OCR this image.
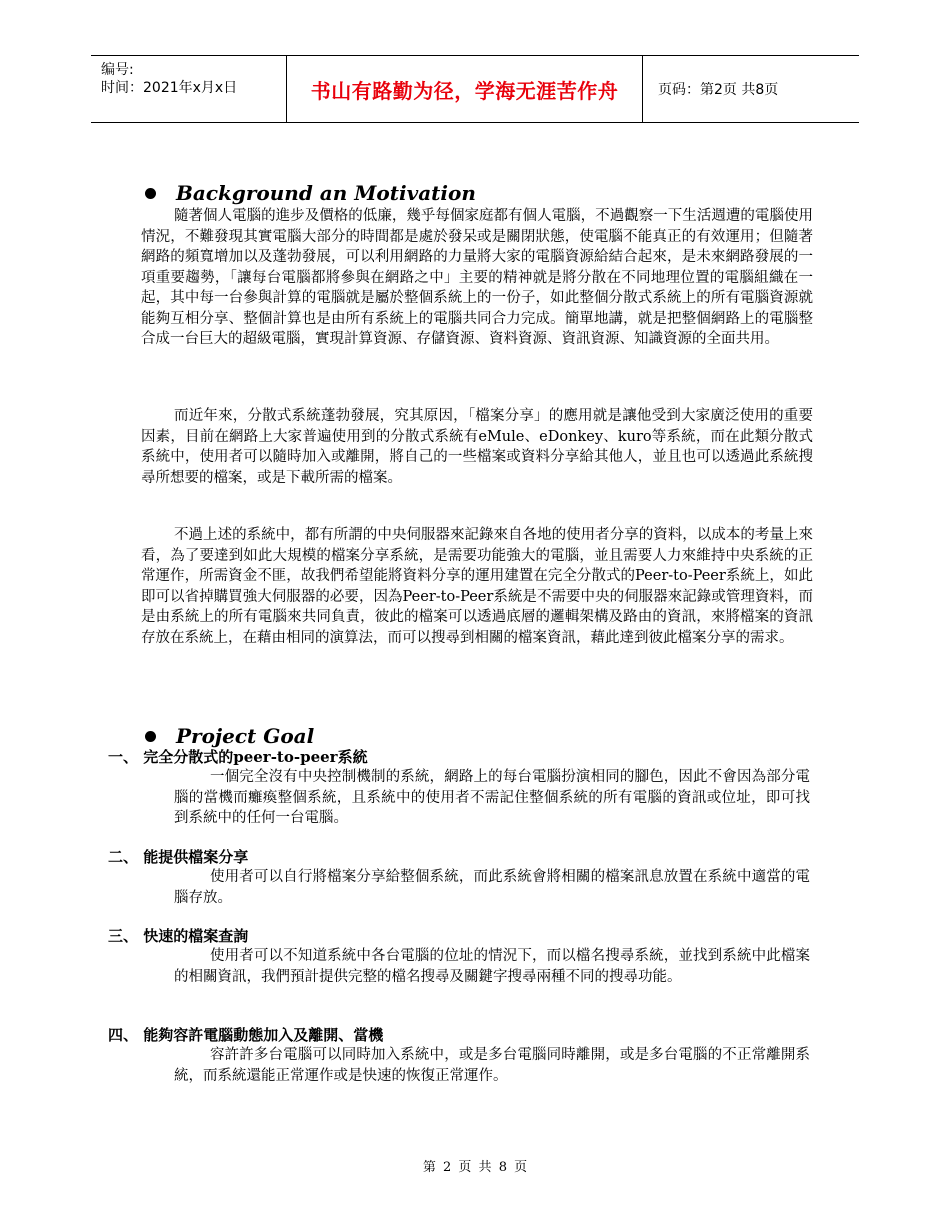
编号:
时间：2021年x月x日	书山有路勤为径，学海无涯苦作舟	页码：第2页 共8页
Background an Motivation
隨著個人電腦的進步及價格的低廉，幾乎每個家庭都有個人電腦，不過觀察一下生活週遭的電腦使用情況，不難發現其實電腦大部分的時間都是處於發呆或是關閉狀態，使電腦不能真正的有效運用；但隨著網路的頻寬增加以及蓬勃發展，可以利用網路的力量將大家的電腦資源給結合起來，是未來網路發展的一項重要趨勢，「讓每台電腦都將參與在網路之中」主要的精神就是將分散在不同地理位置的電腦組織在一起，其中每一台參與計算的電腦就是屬於整個系統上的一份子，如此整個分散式系統上的所有電腦資源就能夠互相分享、整個計算也是由所有系統上的電腦共同合力完成。簡單地講，就是把整個網路上的電腦整合成一台巨大的超級電腦，實現計算資源、存儲資源、資料資源、資訊資源、知識資源的全面共用。
而近年來，分散式系統蓬勃發展，究其原因，「檔案分享」的應用就是讓他受到大家廣泛使用的重要因素，目前在網路上大家普遍使用到的分散式系統有eMule、eDonkey、kuro等系統，而在此類分散式系統中，使用者可以隨時加入或離開，將自己的一些檔案或資料分享給其他人，並且也可以透過此系統搜尋所想要的檔案，或是下載所需的檔案。
不過上述的系統中，都有所謂的中央伺服器來記錄來自各地的使用者分享的資料，以成本的考量上來看，為了要達到如此大規模的檔案分享系統，是需要功能強大的電腦，並且需要人力來維持中央系統的正常運作，所需資金不匪，故我們希望能將資料分享的運用建置在完全分散式的Peer-to-Peer系統上，如此即可以省掉購買強大伺服器的必要，因為Peer-to-Peer系統是不需要中央的伺服器來記錄或管理資料，而是由系統上的所有電腦來共同負責，彼此的檔案可以透過底層的邏輯架構及路由的資訊，來將檔案的資訊存放在系統上，在藉由相同的演算法，而可以搜尋到相關的檔案資訊，藉此達到彼此檔案分享的需求。
Project Goal
一、 完全分散式的peer-to-peer系統
一個完全沒有中央控制機制的系統，網路上的每台電腦扮演相同的腳色，因此不會因為部分電腦的當機而癱瘓整個系統，且系統中的使用者不需記住整個系統的所有電腦的資訊或位址，即可找到系統中的任何一台電腦。
二、 能提供檔案分享
使用者可以自行將檔案分享給整個系統，而此系統會將相關的檔案訊息放置在系統中適當的電腦存放。
三、 快速的檔案查詢
使用者可以不知道系統中各台電腦的位址的情況下，而以檔名搜尋系統，並找到系統中此檔案的相關資訊，我們預計提供完整的檔名搜尋及關鍵字搜尋兩種不同的搜尋功能。
四、 能夠容許電腦動態加入及離開、當機
容許許多台電腦可以同時加入系統中，或是多台電腦同時離開，或是多台電腦的不正常離開系統，而系統還能正常運作或是快速的恢復正常運作。
第 2 页 共 8 页
